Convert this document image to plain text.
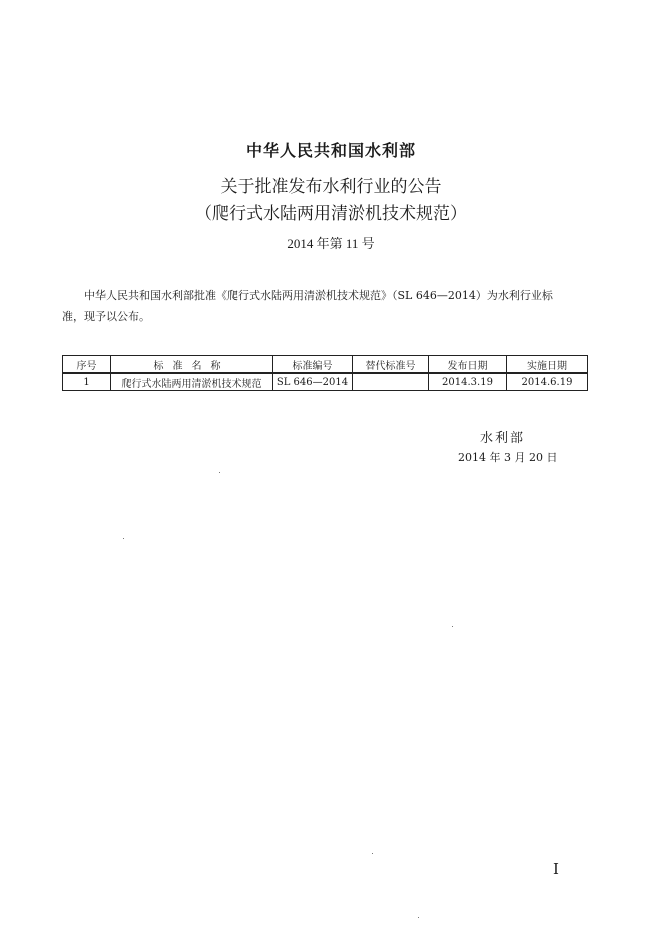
中华人民共和国水利部
关于批准发布水利行业的公告
（爬行式水陆两用清淤机技术规范）
2014 年第 11 号
中华人民共和国水利部批准《爬行式水陆两用清淤机技术规范》（SL 646—2014）为水利行业标
准，现予以公布。
序号	标准名称	标准编号	替代标准号	发布日期	实施日期
1	爬行式水陆两用清淤机技术规范	SL 646—2014		2014.3.19	2014.6.19
水利部
2014 年 3 月 20 日
I
